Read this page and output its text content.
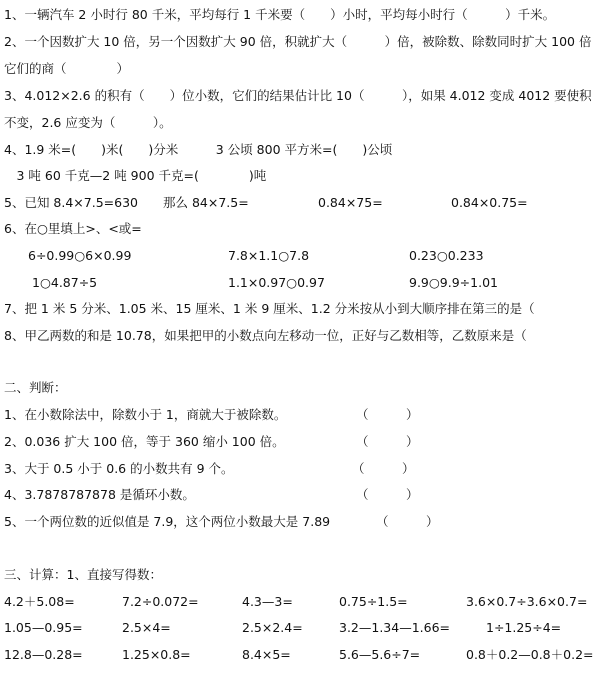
1、一辆汽车 2 小时行 80 千米，平均每行 1 千米要（　　）小时，平均每小时行（　　　）千米。
2、一个因数扩大 10 倍，另一个因数扩大 90 倍，积就扩大（　　　）倍，被除数、除数同时扩大 100 倍
它们的商（　　　　）
3、4.012×2.6 的积有（　　）位小数，它们的结果估计比 10（　　　），如果 4.012 变成 4012 要使积
不变，2.6 应变为（　　　）。
4、1.9 米=(　　)米(　　)分米　　　3 公顷 800 平方米=(　　)公顷
　3 吨 60 千克—2 吨 900 千克=(　　　　)吨
5、已知 8.4×7.5=630　　那么 84×7.5=	0.84×75=	0.84×0.75=
6、在○里填上>、<或=
6÷0.99○6×0.99	7.8×1.1○7.8	0.23○0.233
1○4.87÷5	1.1×0.97○0.97	9.9○9.9÷1.01
7、把 1 米 5 分米、1.05 米、15 厘米、1 米 9 厘米、1.2 分米按从小到大顺序排在第三的是（
8、甲乙两数的和是 10.78，如果把甲的小数点向左移动一位，正好与乙数相等，乙数原来是（
二、判断：
1、在小数除法中，除数小于 1，商就大于被除数。	（　　　）
2、0.036 扩大 100 倍，等于 360 缩小 100 倍。	（　　　）
3、大于 0.5 小于 0.6 的小数共有 9 个。	（　　　）
4、3.7878787878 是循环小数。	（　　　）
5、一个两位数的近似值是 7.9，这个两位小数最大是 7.89	（　　　）
三、计算：1、直接写得数：
4.2＋5.08=	7.2÷0.072=	4.3—3=	0.75÷1.5=	3.6×0.7÷3.6×0.7=
1.05—0.95=	2.5×4=	2.5×2.4=	3.2—1.34—1.66=	1÷1.25÷4=
12.8—0.28=	1.25×0.8=	8.4×5=	5.6—5.6÷7=	0.8＋0.2—0.8＋0.2=
